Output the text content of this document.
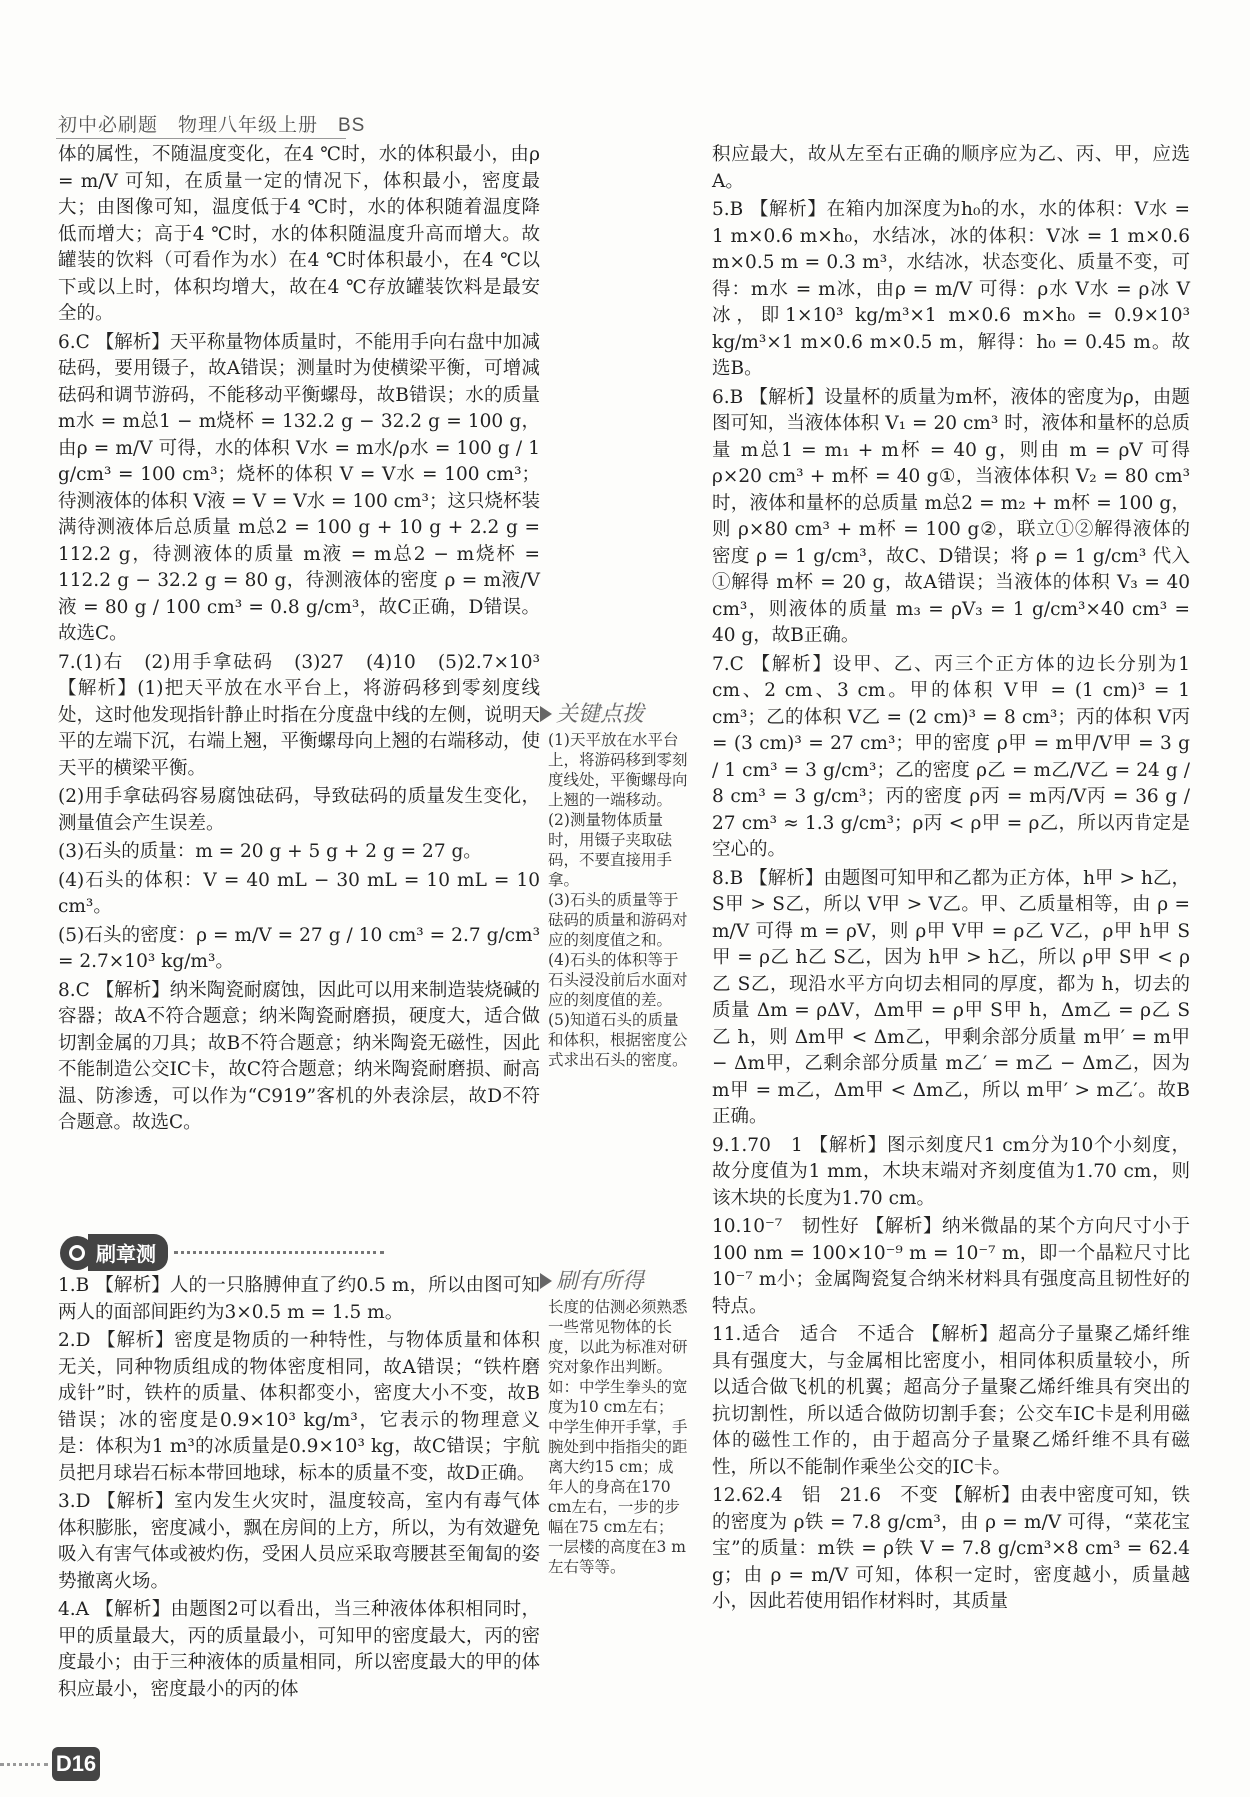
初中必刷题　物理八年级上册　BS

体的属性，不随温度变化，在4 ℃时，水的体积最小，由ρ = m/V 可知，在质量一定的情况下，体积最小，密度最大；由图像可知，温度低于4 ℃时，水的体积随着温度降低而增大；高于4 ℃时，水的体积随温度升高而增大。故罐装的饮料（可看作为水）在4 ℃时体积最小，在4 ℃以下或以上时，体积均增大，故在4 ℃存放罐装饮料是最安全的。

6.C 【解析】天平称量物体质量时，不能用手向右盘中加减砝码，要用镊子，故A错误；测量时为使横梁平衡，可增减砝码和调节游码，不能移动平衡螺母，故B错误；水的质量 m水 = m总1 − m烧杯 = 132.2 g − 32.2 g = 100 g，由ρ = m/V 可得，水的体积 V水 = m水/ρ水 = 100 g / 1 g/cm³ = 100 cm³；烧杯的体积 V = V水 = 100 cm³；待测液体的体积 V液 = V = V水 = 100 cm³；这只烧杯装满待测液体后总质量 m总2 = 100 g + 10 g + 2.2 g = 112.2 g，待测液体的质量 m液 = m总2 − m烧杯 = 112.2 g − 32.2 g = 80 g，待测液体的密度 ρ = m液/V液 = 80 g / 100 cm³ = 0.8 g/cm³，故C正确，D错误。故选C。

7.(1)右　(2)用手拿砝码　(3)27　(4)10　(5)2.7×10³ 【解析】(1)把天平放在水平台上，将游码移到零刻度线处，这时他发现指针静止时指在分度盘中线的左侧，说明天平的左端下沉，右端上翘，平衡螺母向上翘的右端移动，使天平的横梁平衡。

(2)用手拿砝码容易腐蚀砝码，导致砝码的质量发生变化，测量值会产生误差。

(3)石头的质量：m = 20 g + 5 g + 2 g = 27 g。

(4)石头的体积：V = 40 mL − 30 mL = 10 mL = 10 cm³。

(5)石头的密度：ρ = m/V = 27 g / 10 cm³ = 2.7 g/cm³ = 2.7×10³ kg/m³。

8.C 【解析】纳米陶瓷耐腐蚀，因此可以用来制造装烧碱的容器；故A不符合题意；纳米陶瓷耐磨损，硬度大，适合做切割金属的刀具；故B不符合题意；纳米陶瓷无磁性，因此不能制造公交IC卡，故C符合题意；纳米陶瓷耐磨损、耐高温、防渗透，可以作为“C919”客机的外表涂层，故D不符合题意。故选C。

刷章测

1.B 【解析】人的一只胳膊伸直了约0.5 m，所以由图可知两人的面部间距约为3×0.5 m = 1.5 m。

2.D 【解析】密度是物质的一种特性，与物体质量和体积无关，同种物质组成的物体密度相同，故A错误；“铁杵磨成针”时，铁杵的质量、体积都变小，密度大小不变，故B错误；冰的密度是0.9×10³ kg/m³，它表示的物理意义是：体积为1 m³的冰质量是0.9×10³ kg，故C错误；宇航员把月球岩石标本带回地球，标本的质量不变，故D正确。

3.D 【解析】室内发生火灾时，温度较高，室内有毒气体体积膨胀，密度减小，飘在房间的上方，所以，为有效避免吸入有害气体或被灼伤，受困人员应采取弯腰甚至匍匐的姿势撤离火场。

4.A 【解析】由题图2可以看出，当三种液体体积相同时，甲的质量最大，丙的质量最小，可知甲的密度最大，丙的密度最小；由于三种液体的质量相同，所以密度最大的甲的体积应最小，密度最小的丙的体

关键点拨
(1)天平放在水平台上，将游码移到零刻度线处，平衡螺母向上翘的一端移动。
(2)测量物体质量时，用镊子夹取砝码，不要直接用手拿。
(3)石头的质量等于砝码的质量和游码对应的刻度值之和。
(4)石头的体积等于石头浸没前后水面对应的刻度值的差。
(5)知道石头的质量和体积，根据密度公式求出石头的密度。
刷有所得
长度的估测必须熟悉一些常见物体的长度，以此为标准对研究对象作出判断。如：中学生拳头的宽度为10 cm左右；中学生伸开手掌，手腕处到中指指尖的距离大约15 cm；成年人的身高在170 cm左右，一步的步幅在75 cm左右；一层楼的高度在3 m左右等等。

积应最大，故从左至右正确的顺序应为乙、丙、甲，应选A。

5.B 【解析】在箱内加深度为h₀的水，水的体积：V水 = 1 m×0.6 m×h₀，水结冰，冰的体积：V冰 = 1 m×0.6 m×0.5 m = 0.3 m³，水结冰，状态变化、质量不变，可得：m水 = m冰，由ρ = m/V 可得：ρ水 V水 = ρ冰 V冰，即1×10³ kg/m³×1 m×0.6 m×h₀ = 0.9×10³ kg/m³×1 m×0.6 m×0.5 m，解得：h₀ = 0.45 m。故选B。

6.B 【解析】设量杯的质量为m杯，液体的密度为ρ，由题图可知，当液体体积 V₁ = 20 cm³ 时，液体和量杯的总质量 m总1 = m₁ + m杯 = 40 g，则由 m = ρV 可得 ρ×20 cm³ + m杯 = 40 g①，当液体体积 V₂ = 80 cm³ 时，液体和量杯的总质量 m总2 = m₂ + m杯 = 100 g，则 ρ×80 cm³ + m杯 = 100 g②，联立①②解得液体的密度 ρ = 1 g/cm³，故C、D错误；将 ρ = 1 g/cm³ 代入①解得 m杯 = 20 g，故A错误；当液体的体积 V₃ = 40 cm³，则液体的质量 m₃ = ρV₃ = 1 g/cm³×40 cm³ = 40 g，故B正确。

7.C 【解析】设甲、乙、丙三个正方体的边长分别为1 cm、2 cm、3 cm。甲的体积 V甲 = (1 cm)³ = 1 cm³；乙的体积 V乙 = (2 cm)³ = 8 cm³；丙的体积 V丙 = (3 cm)³ = 27 cm³；甲的密度 ρ甲 = m甲/V甲 = 3 g / 1 cm³ = 3 g/cm³；乙的密度 ρ乙 = m乙/V乙 = 24 g / 8 cm³ = 3 g/cm³；丙的密度 ρ丙 = m丙/V丙 = 36 g / 27 cm³ ≈ 1.3 g/cm³；ρ丙 < ρ甲 = ρ乙，所以丙肯定是空心的。

8.B 【解析】由题图可知甲和乙都为正方体，h甲 > h乙，S甲 > S乙，所以 V甲 > V乙。甲、乙质量相等，由 ρ = m/V 可得 m = ρV，则 ρ甲 V甲 = ρ乙 V乙，ρ甲 h甲 S甲 = ρ乙 h乙 S乙，因为 h甲 > h乙，所以 ρ甲 S甲 < ρ乙 S乙，现沿水平方向切去相同的厚度，都为 h，切去的质量 Δm = ρΔV，Δm甲 = ρ甲 S甲 h，Δm乙 = ρ乙 S乙 h，则 Δm甲 < Δm乙，甲剩余部分质量 m甲′ = m甲 − Δm甲，乙剩余部分质量 m乙′ = m乙 − Δm乙，因为 m甲 = m乙，Δm甲 < Δm乙，所以 m甲′ > m乙′。故B正确。

9.1.70　1 【解析】图示刻度尺1 cm分为10个小刻度，故分度值为1 mm，木块末端对齐刻度值为1.70 cm，则该木块的长度为1.70 cm。

10.10⁻⁷　韧性好 【解析】纳米微晶的某个方向尺寸小于100 nm = 100×10⁻⁹ m = 10⁻⁷ m，即一个晶粒尺寸比10⁻⁷ m小；金属陶瓷复合纳米材料具有强度高且韧性好的特点。

11.适合　适合　不适合 【解析】超高分子量聚乙烯纤维具有强度大，与金属相比密度小，相同体积质量较小，所以适合做飞机的机翼；超高分子量聚乙烯纤维具有突出的抗切割性，所以适合做防切割手套；公交车IC卡是利用磁体的磁性工作的，由于超高分子量聚乙烯纤维不具有磁性，所以不能制作乘坐公交的IC卡。

12.62.4　铝　21.6　不变 【解析】由表中密度可知，铁的密度为 ρ铁 = 7.8 g/cm³，由 ρ = m/V 可得，“菜花宝宝”的质量：m铁 = ρ铁 V = 7.8 g/cm³×8 cm³ = 62.4 g；由 ρ = m/V 可知，体积一定时，密度越小，质量越小，因此若使用铝作材料时，其质量

D16
